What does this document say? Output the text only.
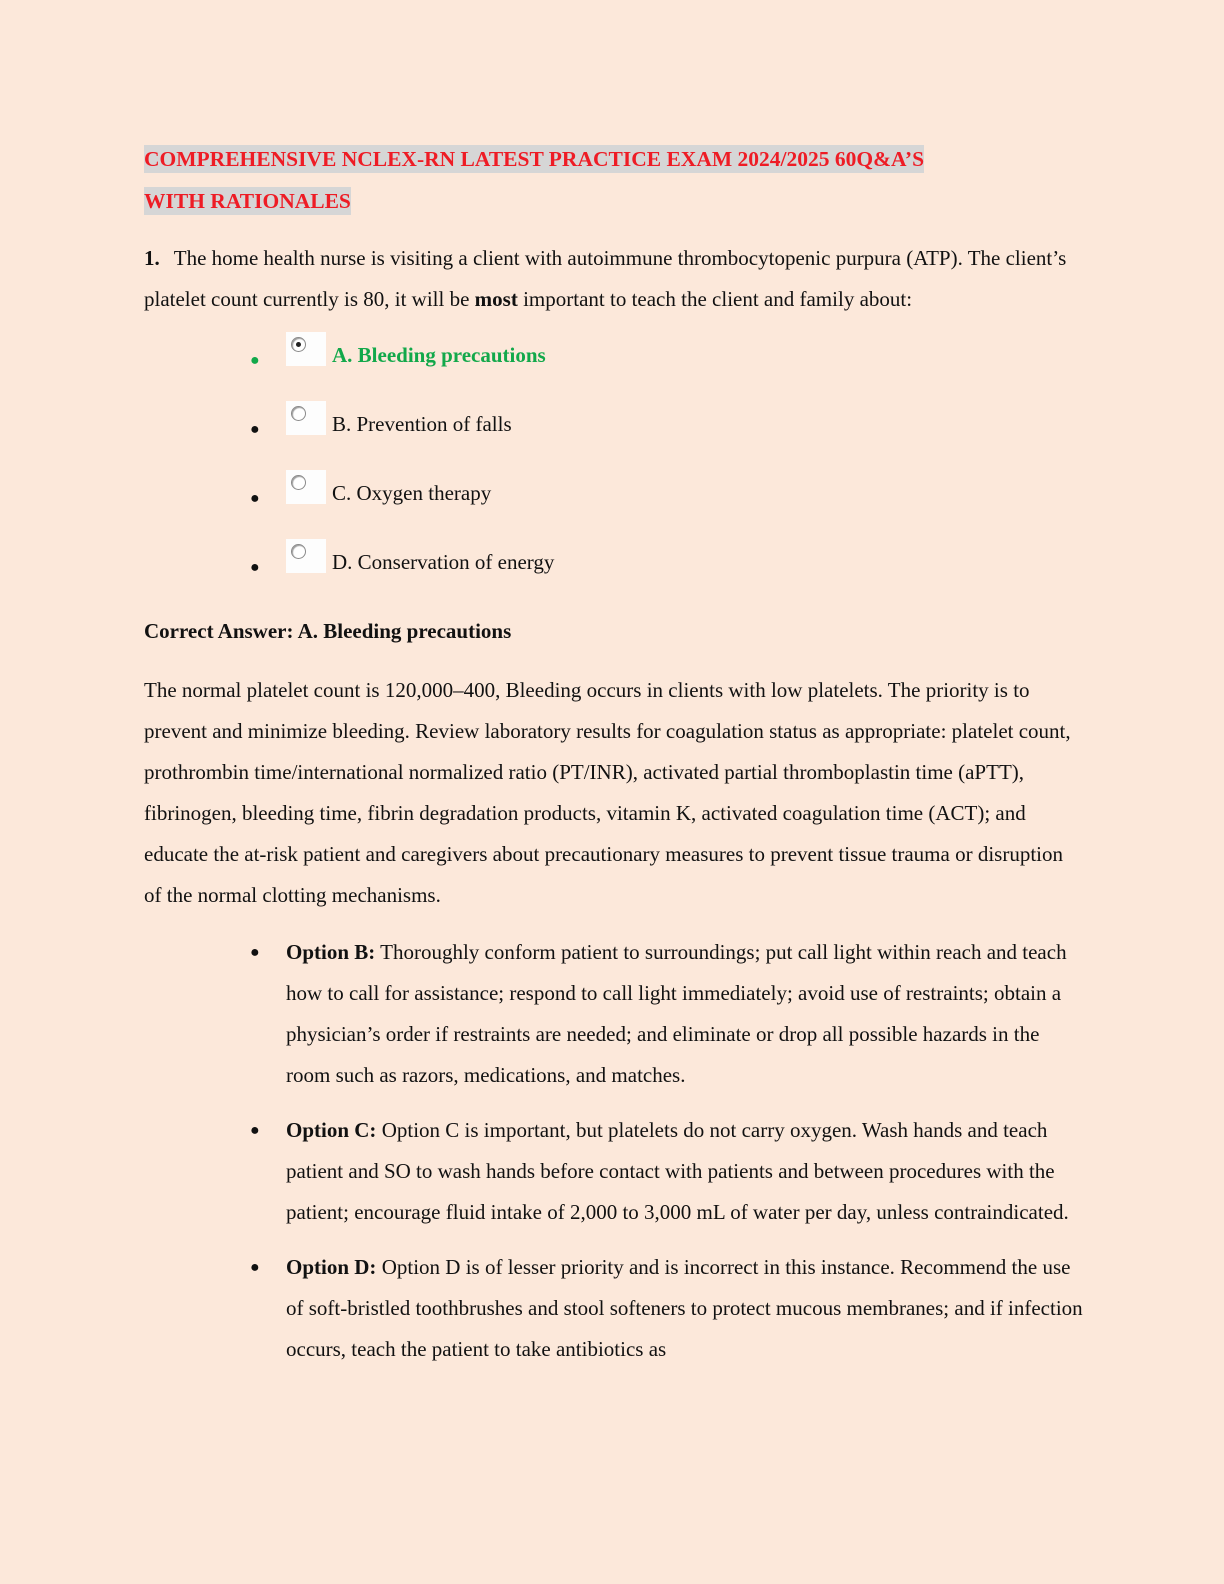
COMPREHENSIVE NCLEX-RN LATEST PRACTICE EXAM 2024/2025 60Q&A’S
WITH RATIONALES
1. The home health nurse is visiting a client with autoimmune thrombocytopenic purpura (ATP). The client’s platelet count currently is 80, it will be most important to teach the client and family about:
●	A. Bleeding precautions
●	B. Prevention of falls
●	C. Oxygen therapy
●	D. Conservation of energy
Correct Answer: A. Bleeding precautions
The normal platelet count is 120,000–400, Bleeding occurs in clients with low platelets. The priority is to prevent and minimize bleeding. Review laboratory results for coagulation status as appropriate: platelet count, prothrombin time/international normalized ratio (PT/INR), activated partial thromboplastin time (aPTT), fibrinogen, bleeding time, fibrin degradation products, vitamin K, activated coagulation time (ACT); and educate the at-risk patient and caregivers about precautionary measures to prevent tissue trauma or disruption of the normal clotting mechanisms.
● Option B: Thoroughly conform patient to surroundings; put call light within reach and teach how to call for assistance; respond to call light immediately; avoid use of restraints; obtain a physician’s order if restraints are needed; and eliminate or drop all possible hazards in the room such as razors, medications, and matches.
● Option C: Option C is important, but platelets do not carry oxygen. Wash hands and teach patient and SO to wash hands before contact with patients and between procedures with the patient; encourage fluid intake of 2,000 to 3,000 mL of water per day, unless contraindicated.
● Option D: Option D is of lesser priority and is incorrect in this instance. Recommend the use of soft-bristled toothbrushes and stool softeners to protect mucous membranes; and if infection occurs, teach the patient to take antibiotics as
